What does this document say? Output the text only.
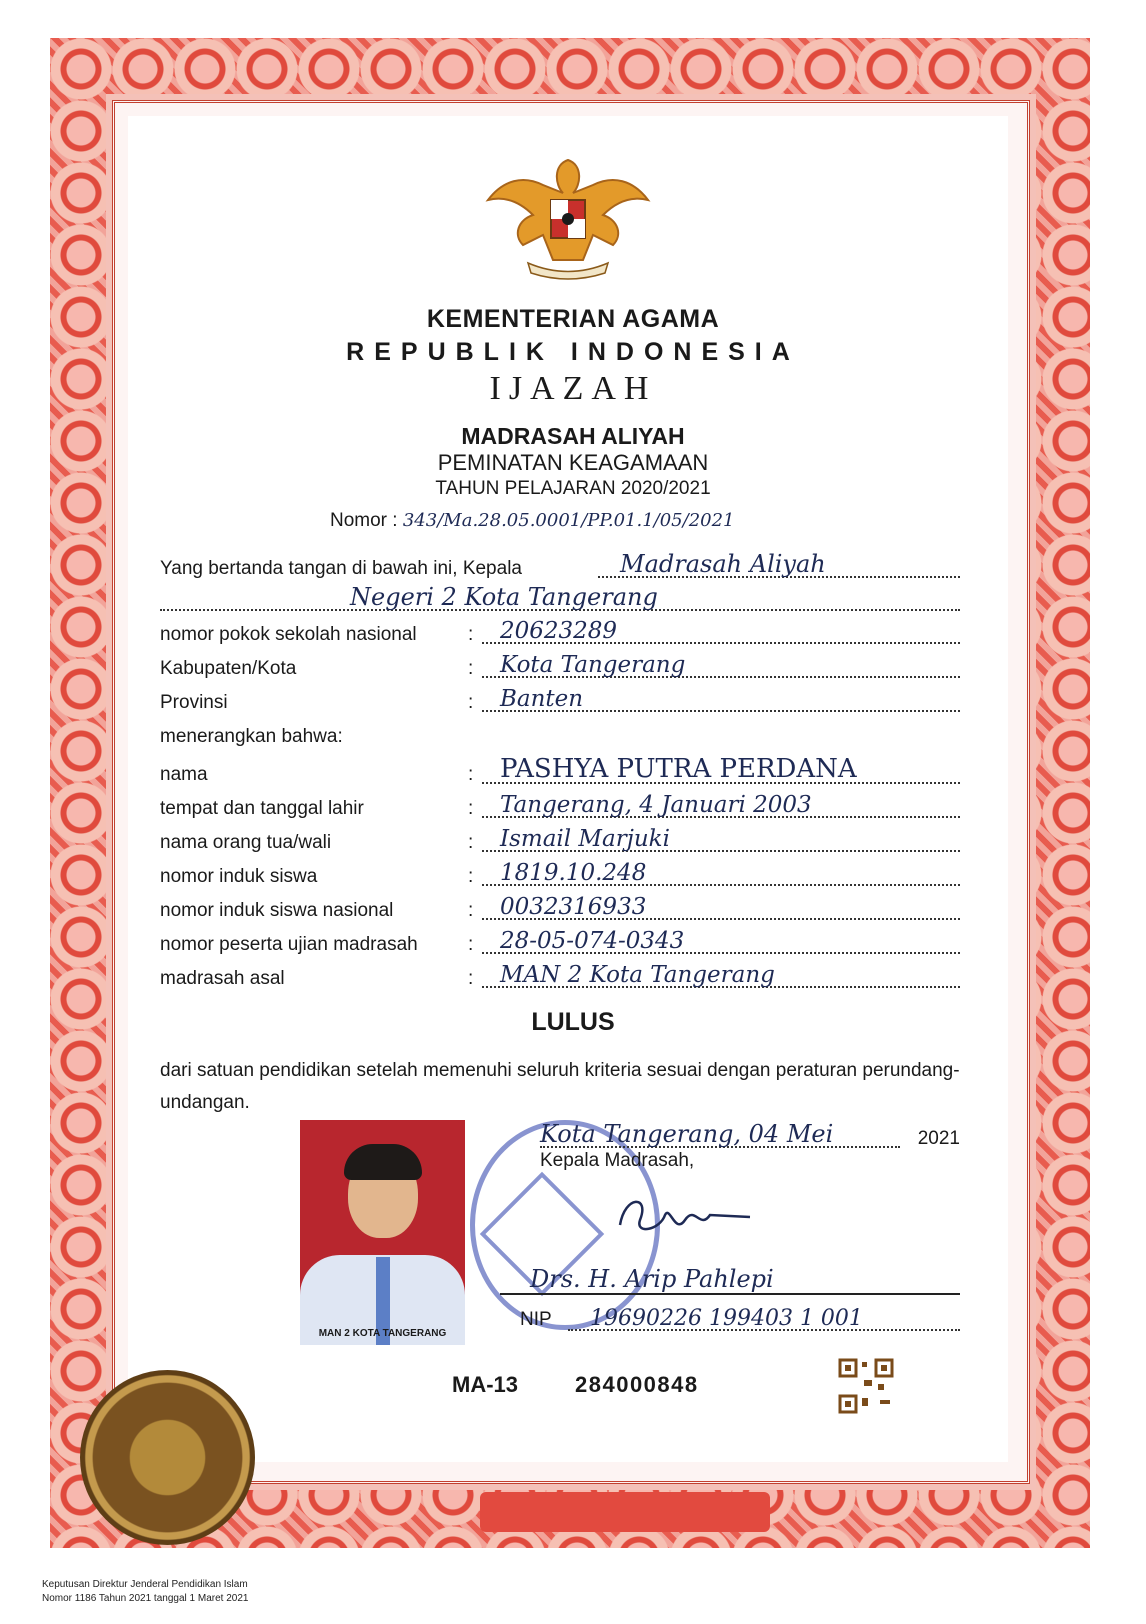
KEMENTERIAN AGAMA
REPUBLIK INDONESIA
IJAZAH
MADRASAH ALIYAH
PEMINATAN KEAGAMAAN
TAHUN PELAJARAN 2020/2021
Nomor : 343/Ma.28.05.0001/PP.01.1/05/2021
Yang bertanda tangan di bawah ini, Kepala	Madrasah Aliyah
Negeri 2 Kota Tangerang
nomor pokok sekolah nasional	: 20623289
Kabupaten/Kota	: Kota Tangerang
Provinsi	: Banten
menerangkan bahwa:
nama	: PASHYA PUTRA PERDANA
tempat dan tanggal lahir	: Tangerang, 4 Januari 2003
nama orang tua/wali	: Ismail Marjuki
nomor induk siswa	: 1819.10.248
nomor induk siswa nasional	: 0032316933
nomor peserta ujian madrasah	: 28-05-074-0343
madrasah asal	: MAN 2 Kota Tangerang
LULUS
dari satuan pendidikan setelah memenuhi seluruh kriteria sesuai dengan peraturan perundang-undangan.
MAN 2 KOTA TANGERANG
Kota Tangerang, 04 Mei	2021
Kepala Madrasah,
Drs. H. Arip Pahlepi
NIP 19690226 199403 1 001
MA-13	284000848
Keputusan Direktur Jenderal Pendidikan Islam
Nomor 1186 Tahun 2021 tanggal 1 Maret 2021
